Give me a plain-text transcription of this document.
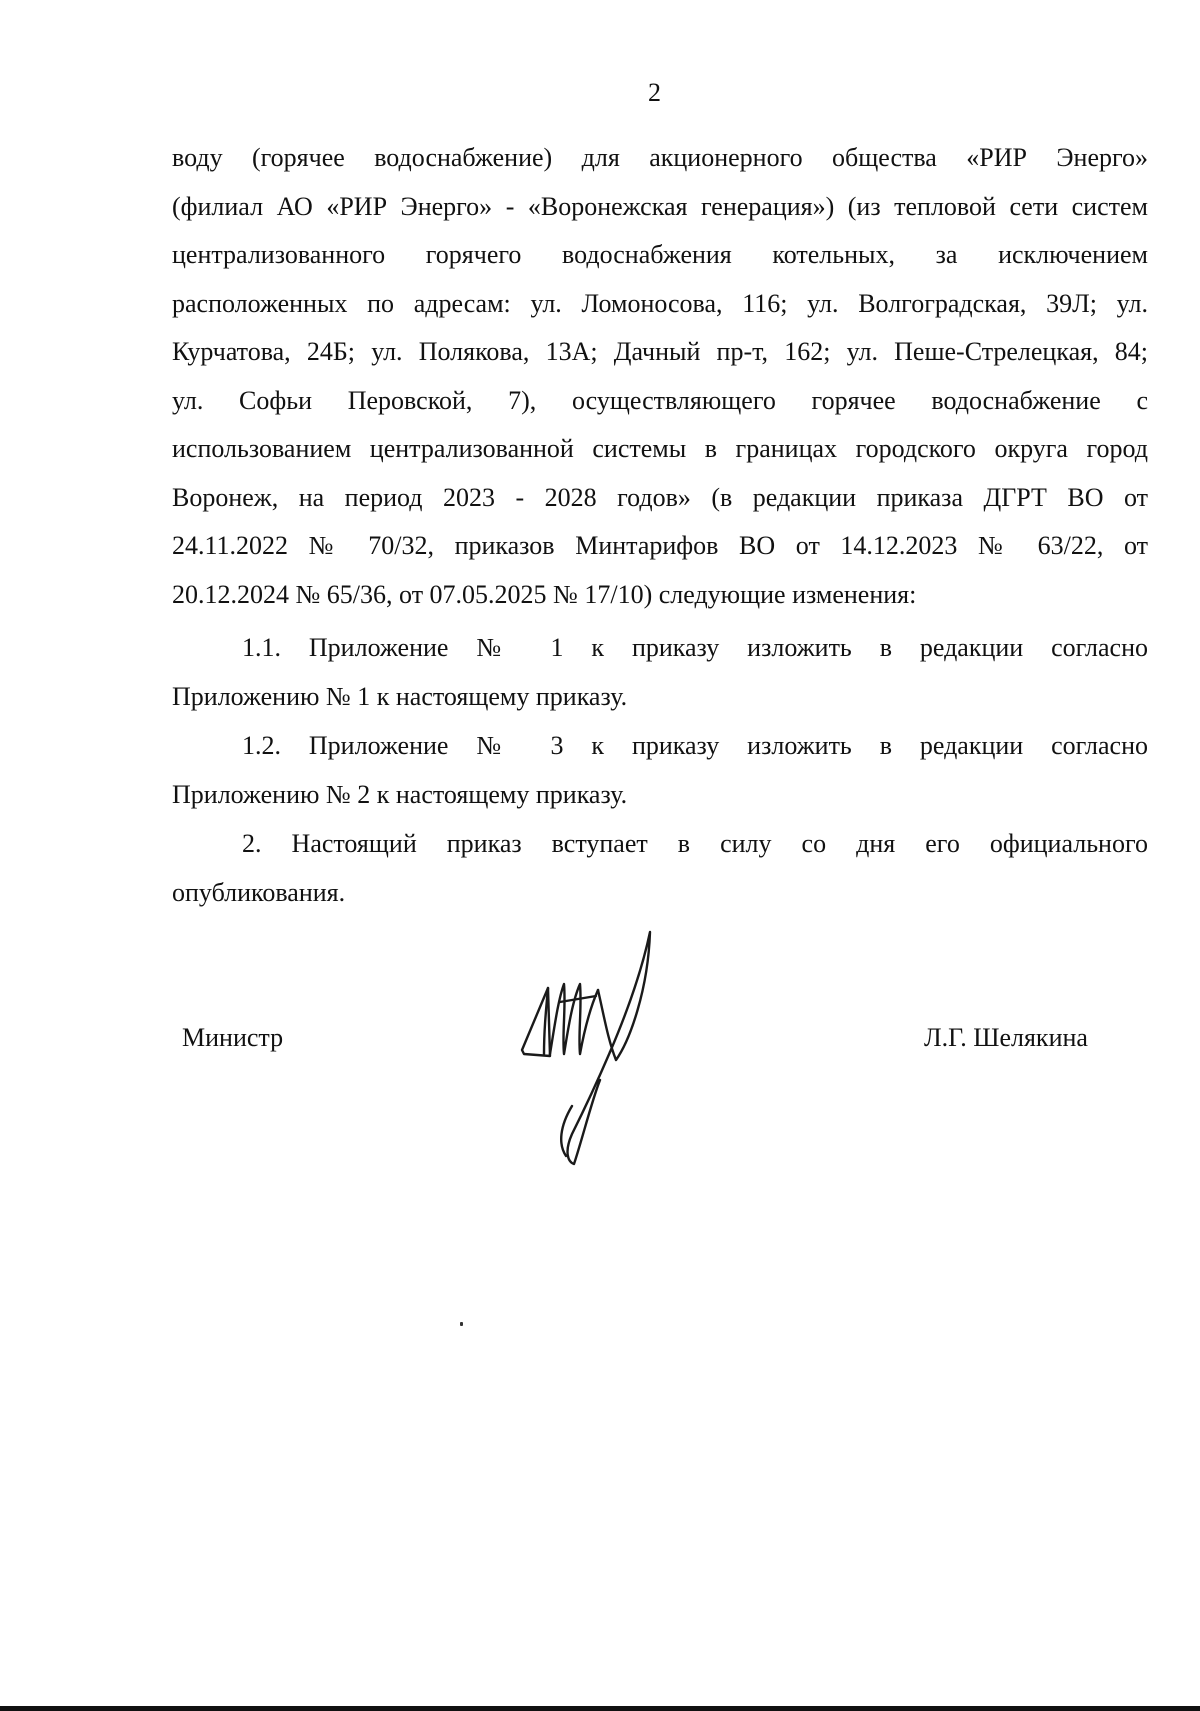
2
воду (горячее водоснабжение) для акционерного общества «РИР Энерго»
(филиал АО «РИР Энерго» - «Воронежская генерация») (из тепловой сети систем
централизованного горячего водоснабжения котельных, за исключением
расположенных по адресам: ул. Ломоносова, 116; ул. Волгоградская, 39Л; ул.
Курчатова, 24Б; ул. Полякова, 13А; Дачный пр-т, 162; ул. Пеше-Стрелецкая, 84;
ул. Софьи Перовской, 7), осуществляющего горячее водоснабжение с
использованием централизованной системы в границах городского округа город
Воронеж, на период 2023 - 2028 годов» (в редакции приказа ДГРТ ВО от
24.11.2022 № 70/32, приказов Минтарифов ВО от 14.12.2023 № 63/22, от
20.12.2024 № 65/36, от 07.05.2025 № 17/10) следующие изменения:
1.1. Приложение № 1 к приказу изложить в редакции согласно
Приложению № 1 к настоящему приказу.
1.2. Приложение № 3 к приказу изложить в редакции согласно
Приложению № 2 к настоящему приказу.
2. Настоящий приказ вступает в силу со дня его официального
опубликования.
Министр	Л.Г. Шелякина
